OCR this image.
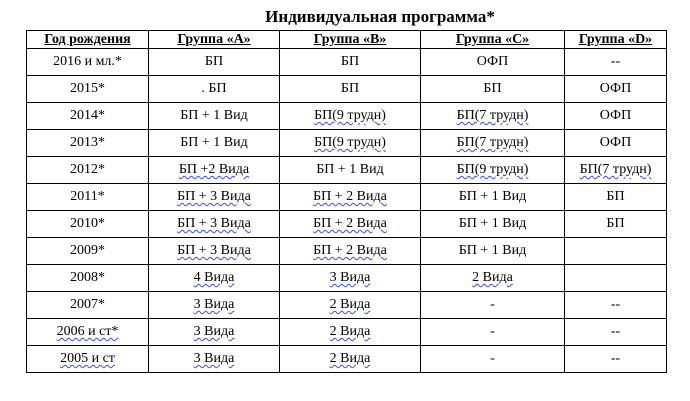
Индивидуальная программа*
Год рождения	Группа «A»	Группа «B»	Группа «C»	Группа «D»
2016 и мл.*	БП	БП	ОФП	--
2015*	. БП	БП	БП	ОФП
2014*	БП + 1 Вид	БП(9 трудн)	БП(7 трудн)	ОФП
2013*	БП + 1 Вид	БП(9 трудн)	БП(7 трудн)	ОФП
2012*	БП +2 Вида	БП + 1 Вид	БП(9 трудн)	БП(7 трудн)
2011*	БП + 3 Вида	БП + 2 Вида	БП + 1 Вид	БП
2010*	БП + 3 Вида	БП + 2 Вида	БП + 1 Вид	БП
2009*	БП + 3 Вида	БП + 2 Вида	БП + 1 Вид	
2008*	4 Вида	3 Вида	2 Вида	
2007*	3 Вида	2 Вида	-	--
2006 и ст*	3 Вида	2 Вида	-	--
2005 и ст	3 Вида	2 Вида	-	--
